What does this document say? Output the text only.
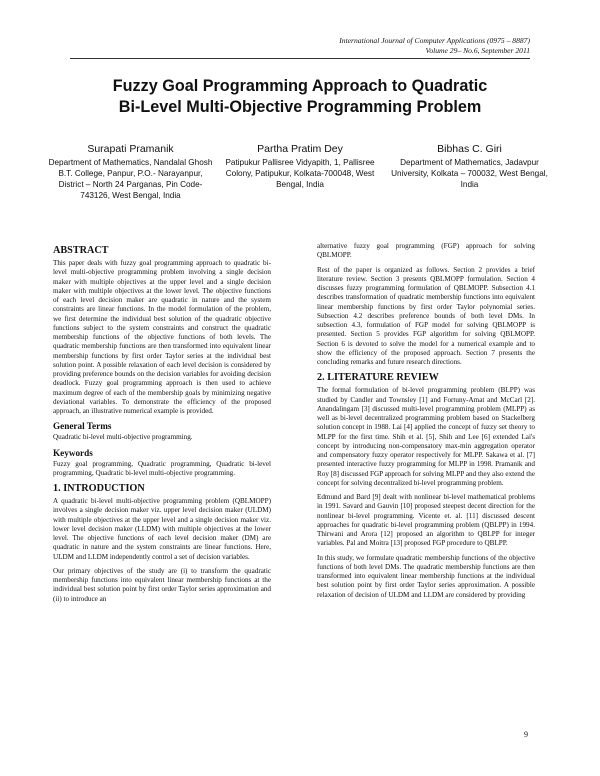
International Journal of Computer Applications (0975 – 8887)
Volume 29– No.6, September 2011
Fuzzy Goal Programming Approach to Quadratic
Bi-Level Multi-Objective Programming Problem
Surapati Pramanik
Department of Mathematics, Nandalal Ghosh B.T. College, Panpur, P.O.- Narayanpur, District – North 24 Parganas, Pin Code-743126, West Bengal, India
Partha Pratim Dey
Patipukur Pallisree Vidyapith, 1, Pallisree Colony, Patipukur, Kolkata-700048, West Bengal, India
Bibhas C. Giri
Department of Mathematics, Jadavpur University, Kolkata – 700032, West Bengal, India
ABSTRACT

This paper deals with fuzzy goal programming approach to quadratic bi-level multi-objective programming problem involving a single decision maker with multiple objectives at the upper level and a single decision maker with multiple objectives at the lower level. The objective functions of each level decision maker are quadratic in nature and the system constraints are linear functions. In the model formulation of the problem, we first determine the individual best solution of the quadratic objective functions subject to the system constraints and construct the quadratic membership functions of the objective functions of both levels. The quadratic membership functions are then transformed into equivalent linear membership functions by first order Taylor series at the individual best solution point. A possible relaxation of each level decision is considered by providing preference bounds on the decision variables for avoiding decision deadlock. Fuzzy goal programming approach is then used to achieve maximum degree of each of the membership goals by minimizing negative deviational variables. To demonstrate the efficiency of the proposed approach, an illustrative numerical example is provided.

General Terms

Quadratic bi-level multi-objective programming.

Keywords

Fuzzy goal programming, Quadratic programming, Quadratic bi-level programming, Quadratic bi-level multi-objective programming.

1. INTRODUCTION

A quadratic bi-level multi-objective programming problem (QBLMOPP) involves a single decision maker viz. upper level decision maker (ULDM) with multiple objectives at the upper level and a single decision maker viz. lower level decision maker (LLDM) with multiple objectives at the lower level. The objective functions of each level decision maker (DM) are quadratic in nature and the system constraints are linear functions. Here, ULDM and LLDM independently control a set of decision variables.

Our primary objectives of the study are (i) to transform the quadratic membership functions into equivalent linear membership functions at the individual best solution point by first order Taylor series approximation and (ii) to introduce an

alternative fuzzy goal programming (FGP) approach for solving QBLMOPP.

Rest of the paper is organized as follows. Section 2 provides a brief literature review. Section 3 presents QBLMOPP formulation. Section 4 discusses fuzzy programming formulation of QBLMOPP. Subsection 4.1 describes transformation of quadratic membership functions into equivalent linear membership functions by first order Taylor polynomial series. Subsection 4.2 describes preference bounds of both level DMs. In subsection 4.3, formulation of FGP model for solving QBLMOPP is presented. Section 5 provides FGP algorithm for solving QBLMOPP. Section 6 is devoted to solve the model for a numerical example and to show the efficiency of the proposed approach. Section 7 presents the concluding remarks and future research directions.

2. LITERATURE REVIEW

The formal formulation of bi-level programming problem (BLPP) was studied by Candler and Townsley [1] and Fortuny-Amat and McCarl [2]. Anandalingam [3] discussed multi-level programming problem (MLPP) as well as bi-level decentralized programming problem based on Stackelberg solution concept in 1988. Lai [4] applied the concept of fuzzy set theory to MLPP for the first time. Shih et al. [5], Shih and Lee [6] extended Lai's concept by introducing non-compensatory max-min aggregation operator and compensatory fuzzy operator respectively for MLPP. Sakawa et al. [7] presented interactive fuzzy programming for MLPP in 1998. Pramanik and Roy [8] discussed FGP approach for solving MLPP and they also extend the concept for solving decentralized bi-level programming problem.

Edmund and Bard [9] dealt with nonlinear bi-level mathematical problems in 1991. Savard and Gauvin [10] proposed steepest decent direction for the nonlinear bi-level programming. Vicente et. al. [11] discussed descent approaches for quadratic bi-level programming problem (QBLPP) in 1994. Thirwani and Arora [12] proposed an algorithm to QBLPP for integer variables. Pal and Moitra [13] proposed FGP procedure to QBLPP.

In this study, we formulate quadratic membership functions of the objective functions of both level DMs. The quadratic membership functions are then transformed into equivalent linear membership functions at the individual best solution point by first order Taylor series approximation. A possible relaxation of decision of ULDM and LLDM are considered by providing

9
